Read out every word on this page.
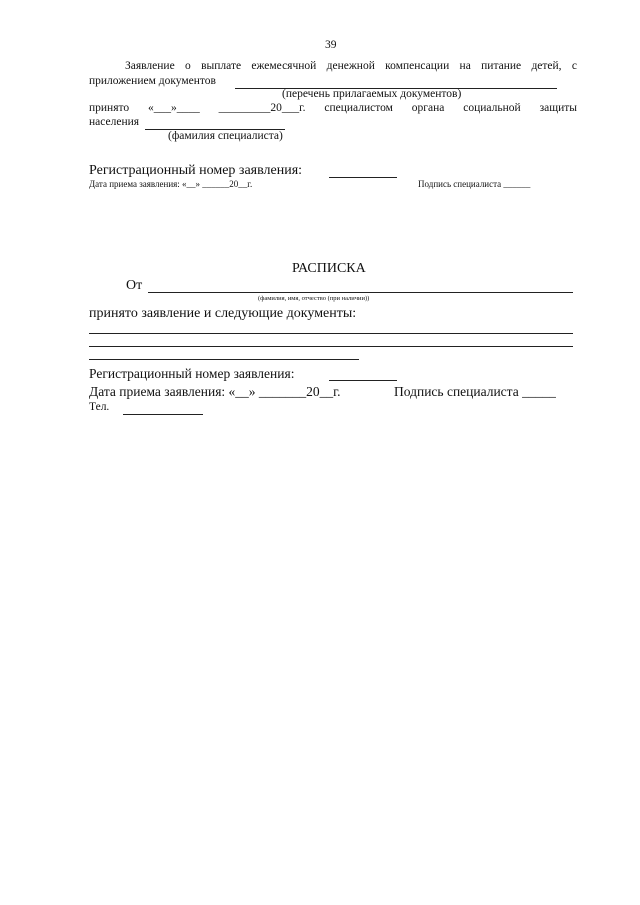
39
Заявление о выплате ежемесячной денежной компенсации на питание детей, с
приложением документов
(перечень прилагаемых документов)
принято «___»____ _________20___г. специалистом органа социальной защиты
населения
(фамилия специалиста)
Регистрационный номер заявления:
Дата приема заявления: «__» ______20__г.	Подпись специалиста ______
РАСПИСКА
От
(фамилия, имя, отчество (при наличии))
принято заявление и следующие документы:
Регистрационный номер заявления:
Дата приема заявления: «__» _______20__г.	Подпись специалиста _____
Тел.
